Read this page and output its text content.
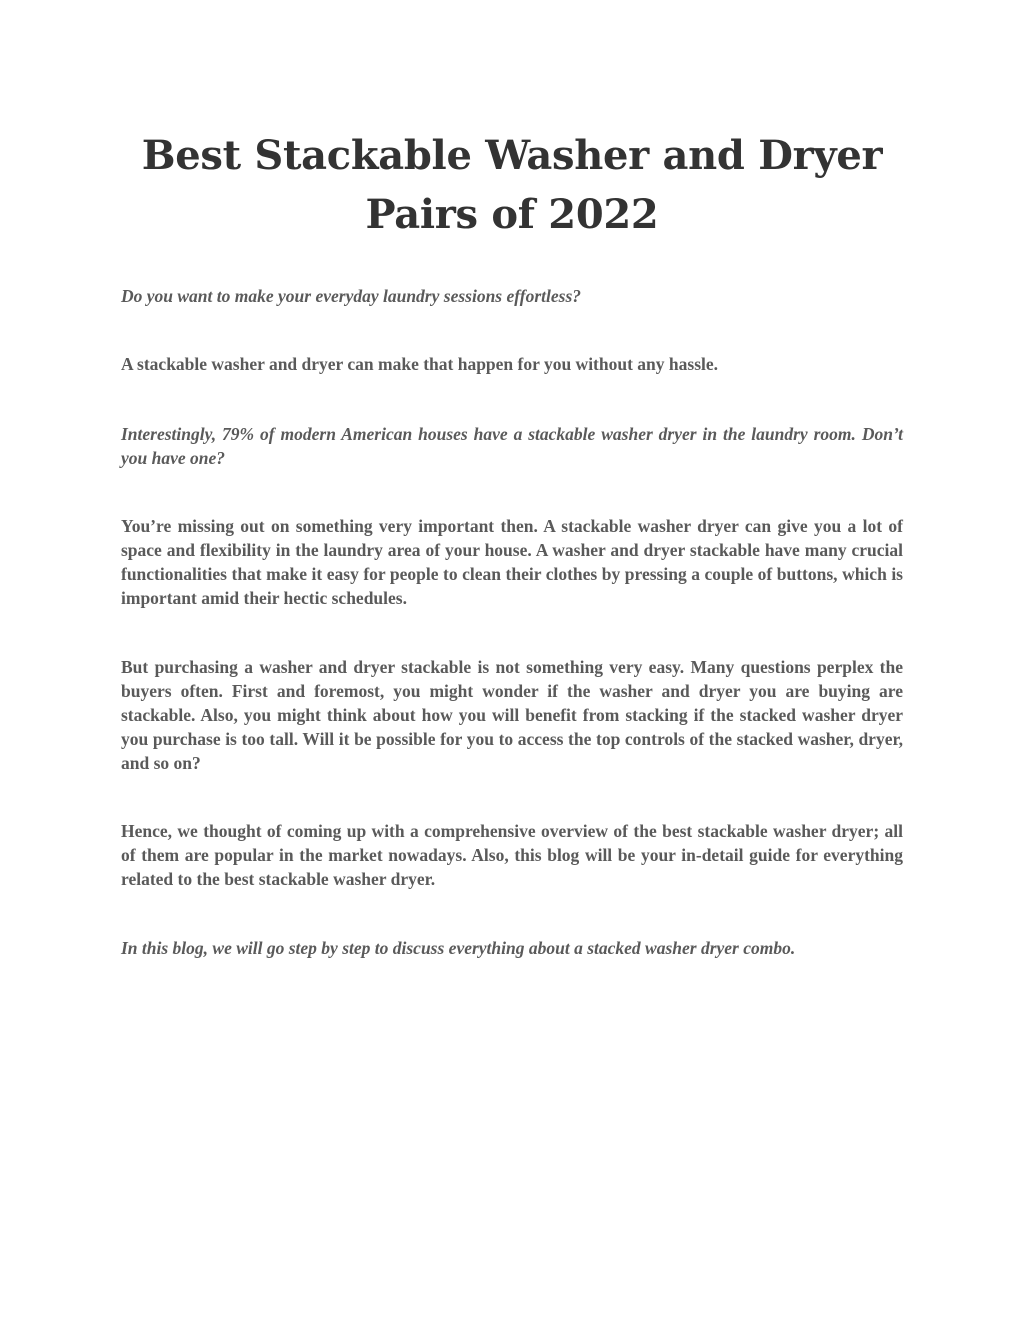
Best Stackable Washer and Dryer Pairs of 2022

Do you want to make your everyday laundry sessions effortless?

A stackable washer and dryer can make that happen for you without any hassle.

Interestingly, 79% of modern American houses have a stackable washer dryer in the laundry room. Don’t you have one?

You’re missing out on something very important then. A stackable washer dryer can give you a lot of space and flexibility in the laundry area of your house. A washer and dryer stackable have many crucial functionalities that make it easy for people to clean their clothes by pressing a couple of buttons, which is important amid their hectic schedules.

But purchasing a washer and dryer stackable is not something very easy. Many questions perplex the buyers often. First and foremost, you might wonder if the washer and dryer you are buying are stackable. Also, you might think about how you will benefit from stacking if the stacked washer dryer you purchase is too tall. Will it be possible for you to access the top controls of the stacked washer, dryer, and so on?

Hence, we thought of coming up with a comprehensive overview of the best stackable washer dryer; all of them are popular in the market nowadays. Also, this blog will be your in-detail guide for everything related to the best stackable washer dryer.

In this blog, we will go step by step to discuss everything about a stacked washer dryer combo.
